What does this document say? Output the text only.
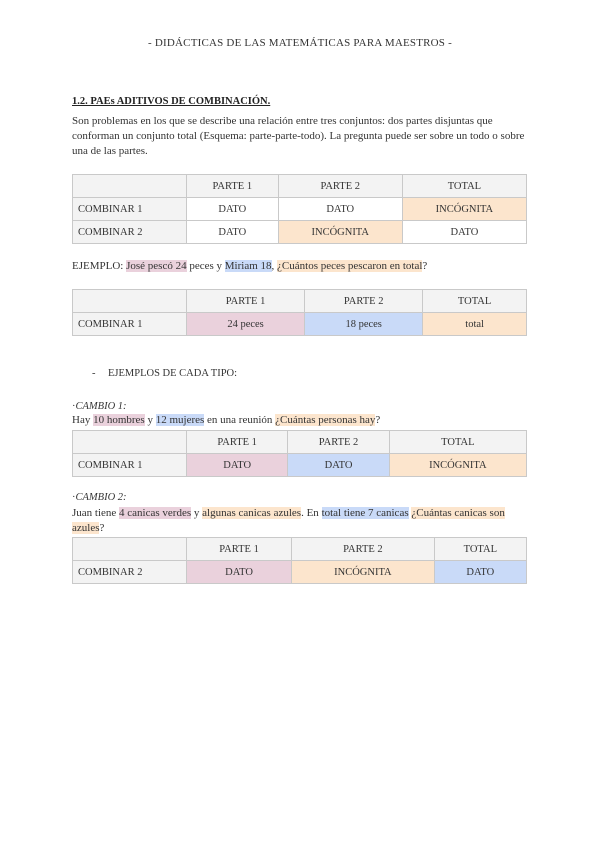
- DIDÁCTICAS DE LAS MATEMÁTICAS PARA MAESTROS -
1.2. PAEs ADITIVOS DE COMBINACIÓN.
Son problemas en los que se describe una relación entre tres conjuntos: dos partes disjuntas que conforman un conjunto total (Esquema: parte-parte-todo). La pregunta puede ser sobre un todo o sobre una de las partes.
	PARTE 1	PARTE 2	TOTAL
COMBINAR 1	DATO	DATO	INCÓGNITA
COMBINAR 2	DATO	INCÓGNITA	DATO
EJEMPLO: José pescó 24 peces y Miriam 18, ¿Cuántos peces pescaron en total?
	PARTE 1	PARTE 2	TOTAL
COMBINAR 1	24 peces	18 peces	total
- EJEMPLOS DE CADA TIPO:
·CAMBIO 1:
Hay 10 hombres y 12 mujeres en una reunión ¿Cuántas personas hay?
	PARTE 1	PARTE 2	TOTAL
COMBINAR 1	DATO	DATO	INCÓGNITA
·CAMBIO 2:
Juan tiene 4 canicas verdes y algunas canicas azules. En total tiene 7 canicas ¿Cuántas canicas son azules?
	PARTE 1	PARTE 2	TOTAL
COMBINAR 2	DATO	INCÓGNITA	DATO
